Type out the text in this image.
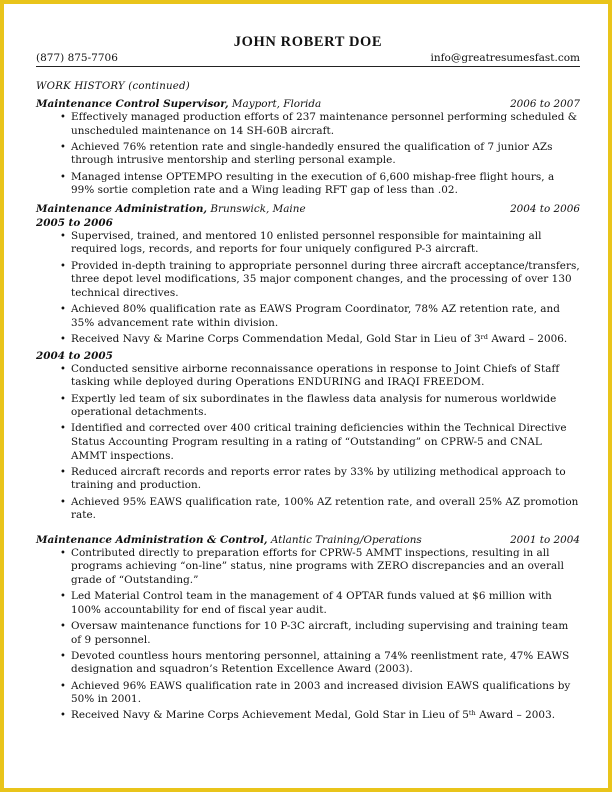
JOHN ROBERT DOE
(877) 875-7706	info@greatresumesfast.com
WORK HISTORY (continued)
Maintenance Control Supervisor, Mayport, Florida	2006 to 2007
• Effectively managed production efforts of 237 maintenance personnel performing scheduled & unscheduled maintenance on 14 SH-60B aircraft.
• Achieved 76% retention rate and single-handedly ensured the qualification of 7 junior AZs through intrusive mentorship and sterling personal example.
• Managed intense OPTEMPO resulting in the execution of 6,600 mishap-free flight hours, a 99% sortie completion rate and a Wing leading RFT gap of less than .02.
Maintenance Administration, Brunswick, Maine	2004 to 2006
2005 to 2006
• Supervised, trained, and mentored 10 enlisted personnel responsible for maintaining all required logs, records, and reports for four uniquely configured P-3 aircraft.
• Provided in-depth training to appropriate personnel during three aircraft acceptance/transfers, three depot level modifications, 35 major component changes, and the processing of over 130 technical directives.
• Achieved 80% qualification rate as EAWS Program Coordinator, 78% AZ retention rate, and 35% advancement rate within division.
• Received Navy & Marine Corps Commendation Medal, Gold Star in Lieu of 3rd Award – 2006.
2004 to 2005
• Conducted sensitive airborne reconnaissance operations in response to Joint Chiefs of Staff tasking while deployed during Operations ENDURING and IRAQI FREEDOM.
• Expertly led team of six subordinates in the flawless data analysis for numerous worldwide operational detachments.
• Identified and corrected over 400 critical training deficiencies within the Technical Directive Status Accounting Program resulting in a rating of “Outstanding” on CPRW-5 and CNAL AMMT inspections.
• Reduced aircraft records and reports error rates by 33% by utilizing methodical approach to training and production.
• Achieved 95% EAWS qualification rate, 100% AZ retention rate, and overall 25% AZ promotion rate.
Maintenance Administration & Control, Atlantic Training/Operations	2001 to 2004
• Contributed directly to preparation efforts for CPRW-5 AMMT inspections, resulting in all programs achieving “on-line” status, nine programs with ZERO discrepancies and an overall grade of “Outstanding.”
• Led Material Control team in the management of 4 OPTAR funds valued at $6 million with 100% accountability for end of fiscal year audit.
• Oversaw maintenance functions for 10 P-3C aircraft, including supervising and training team of 9 personnel.
• Devoted countless hours mentoring personnel, attaining a 74% reenlistment rate, 47% EAWS designation and squadron’s Retention Excellence Award (2003).
• Achieved 96% EAWS qualification rate in 2003 and increased division EAWS qualifications by 50% in 2001.
• Received Navy & Marine Corps Achievement Medal, Gold Star in Lieu of 5th Award – 2003.
